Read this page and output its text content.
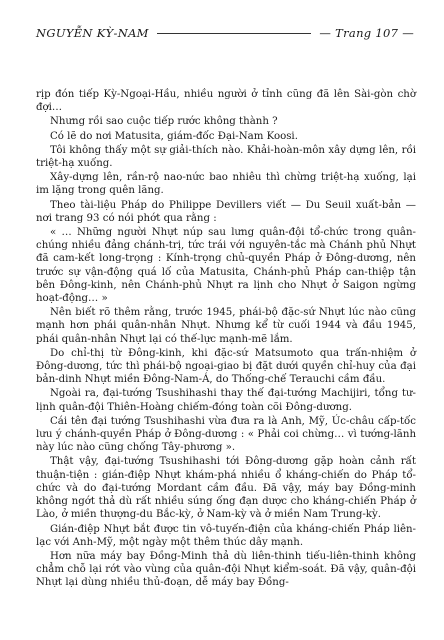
NGUYỄN KỲ-NAM	— Trang 107 —

rịp đón tiếp Kỳ-Ngoại-Hầu, nhiều người ở tỉnh cũng đã lên Sài-gòn chờ đợi…

Nhưng rồi sao cuộc tiếp rước không thành ?

Có lẽ do nơi Matusita, giám-đốc Đại-Nam Koosi.

Tôi không thấy một sự giải-thích nào. Khải-hoàn-môn xây dựng lên, rồi triệt-hạ xuống.

Xây-dựng lên, rần-rộ nao-nức bao nhiêu thì chừng triệt-hạ xuống, lại im lặng trong quên lãng.

Theo tài-liệu Pháp do Philippe Devillers viết — Du Seuil xuất-bản — nơi trang 93 có nói phớt qua rằng :

« … Những người Nhựt núp sau lưng quân-đội tổ-chức trong quân-chúng nhiều đảng chánh-trị, tức trái với nguyên-tắc mà Chánh phủ Nhựt đã cam-kết long-trọng : Kính-trọng chủ-quyền Pháp ở Đông-dương, nên trước sự vận-động quá lố của Matusita, Chánh-phủ Pháp can-thiệp tận bên Đông-kinh, nên Chánh-phủ Nhựt ra lịnh cho Nhựt ở Saigon ngừng hoạt-động… »

Nên biết rõ thêm rằng, trước 1945, phái-bộ đặc-sứ Nhựt lúc nào cũng mạnh hơn phái quân-nhân Nhựt. Nhưng kể từ cuối 1944 và đầu 1945, phái quân-nhân Nhựt lại có thế-lực mạnh-mẽ lắm.

Do chỉ-thị từ Đông-kinh, khi đặc-sứ Matsumoto qua trấn-nhiệm ở Đông-dương, tức thì phái-bộ ngoại-giao bị đặt dưới quyền chỉ-huy của đại bản-dinh Nhựt miền Đông-Nam-Á, do Thống-chế Terauchi cầm đầu.

Ngoài ra, đại-tướng Tsushihashi thay thế đại-tướng Machijiri, tổng tư-lịnh quân-đội Thiên-Hoàng chiếm-đóng toàn cõi Đông-dương.

Cái tên đại tướng Tsushihashi vừa đưa ra là Anh, Mỹ, Úc-châu cấp-tốc lưu ý chánh-quyền Pháp ở Đông-dương : « Phải coi chừng… vì tướng-lãnh này lúc nào cũng chống Tây-phương ».

Thật vậy, đại-tướng Tsushihashi tới Đông-dương gặp hoàn cảnh rất thuận-tiện : gián-điệp Nhựt khám-phá nhiều ổ kháng-chiến do Pháp tổ-chức và do đại-tướng Mordant cầm đầu. Đã vậy, máy bay Đồng-minh không ngớt thả dù rất nhiều súng ống đạn dược cho kháng-chiến Pháp ở Lào, ở miền thượng-du Bắc-kỳ, ở Nam-kỳ và ở miền Nam Trung-kỳ.

Gián-điệp Nhựt bắt được tin vô-tuyến-điện của kháng-chiến Pháp liên-lạc với Anh-Mỹ, một ngày một thêm thúc dây mạnh.

Hơn nữa máy bay Đồng-Minh thả dù liên-thinh tiếu-liên-thinh không chẳm chỗ lại rớt vào vùng của quân-đội Nhựt kiểm-soát. Đã vậy, quân-đội Nhựt lại dùng nhiều thủ-đoạn, dễ máy bay Đồng-
